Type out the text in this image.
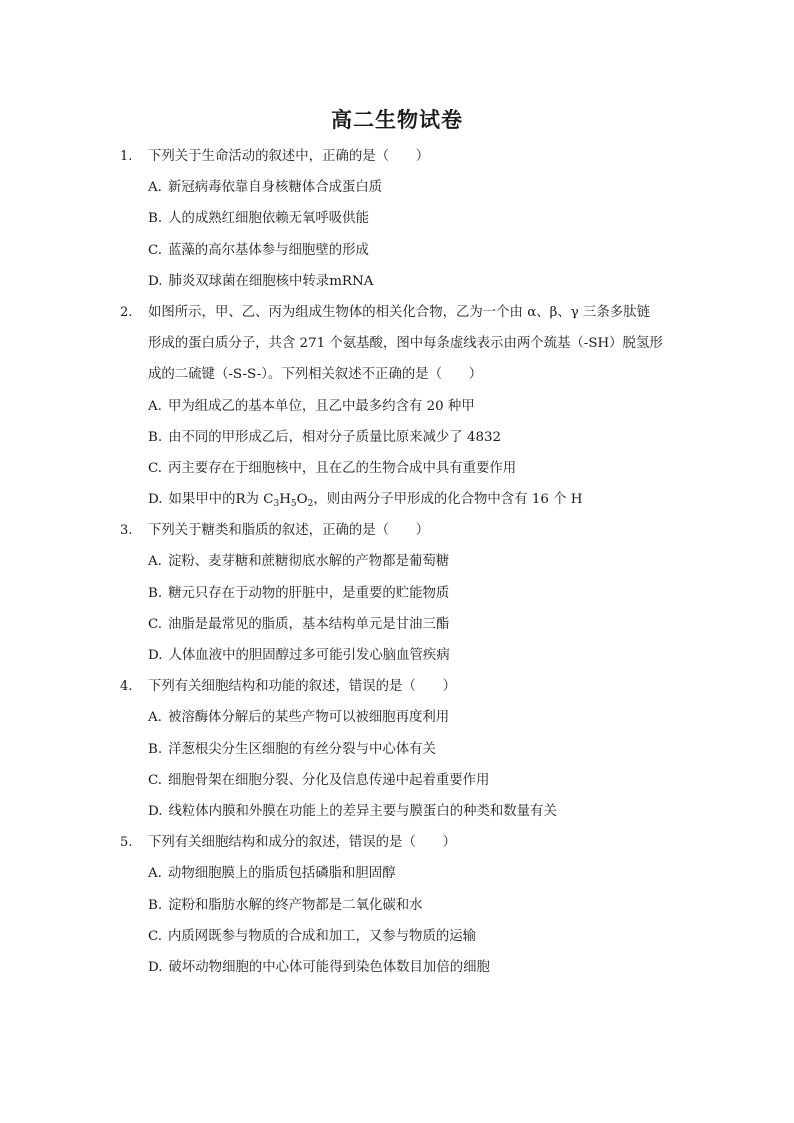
高二生物试卷
1.	下列关于生命活动的叙述中，正确的是（　　）
A. 新冠病毒依靠自身核糖体合成蛋白质
B. 人的成熟红细胞依赖无氧呼吸供能
C. 蓝藻的高尔基体参与细胞壁的形成
D. 肺炎双球菌在细胞核中转录mRNA
2.	如图所示，甲、乙、丙为组成生物体的相关化合物，乙为一个由 α、β、γ 三条多肽链
形成的蛋白质分子，共含 271 个氨基酸，图中每条虚线表示由两个巯基（-SH）脱氢形
成的二硫键（-S-S-）。下列相关叙述不正确的是（　　）
A. 甲为组成乙的基本单位，且乙中最多约含有 20 种甲
B. 由不同的甲形成乙后，相对分子质量比原来减少了 4832
C. 丙主要存在于细胞核中，且在乙的生物合成中具有重要作用
D. 如果甲中的R为 $C_3H_5O_2$，则由两分子甲形成的化合物中含有 16 个 H
3.	下列关于糖类和脂质的叙述，正确的是（　　）
A. 淀粉、麦芽糖和蔗糖彻底水解的产物都是葡萄糖
B. 糖元只存在于动物的肝脏中，是重要的贮能物质
C. 油脂是最常见的脂质，基本结构单元是甘油三酯
D. 人体血液中的胆固醇过多可能引发心脑血管疾病
4.	下列有关细胞结构和功能的叙述，错误的是（　　）
A. 被溶酶体分解后的某些产物可以被细胞再度利用
B. 洋葱根尖分生区细胞的有丝分裂与中心体有关
C. 细胞骨架在细胞分裂、分化及信息传递中起着重要作用
D. 线粒体内膜和外膜在功能上的差异主要与膜蛋白的种类和数量有关
5.	下列有关细胞结构和成分的叙述，错误的是（　　）
A. 动物细胞膜上的脂质包括磷脂和胆固醇
B. 淀粉和脂肪水解的终产物都是二氧化碳和水
C. 内质网既参与物质的合成和加工，又参与物质的运输
D. 破坏动物细胞的中心体可能得到染色体数目加倍的细胞
